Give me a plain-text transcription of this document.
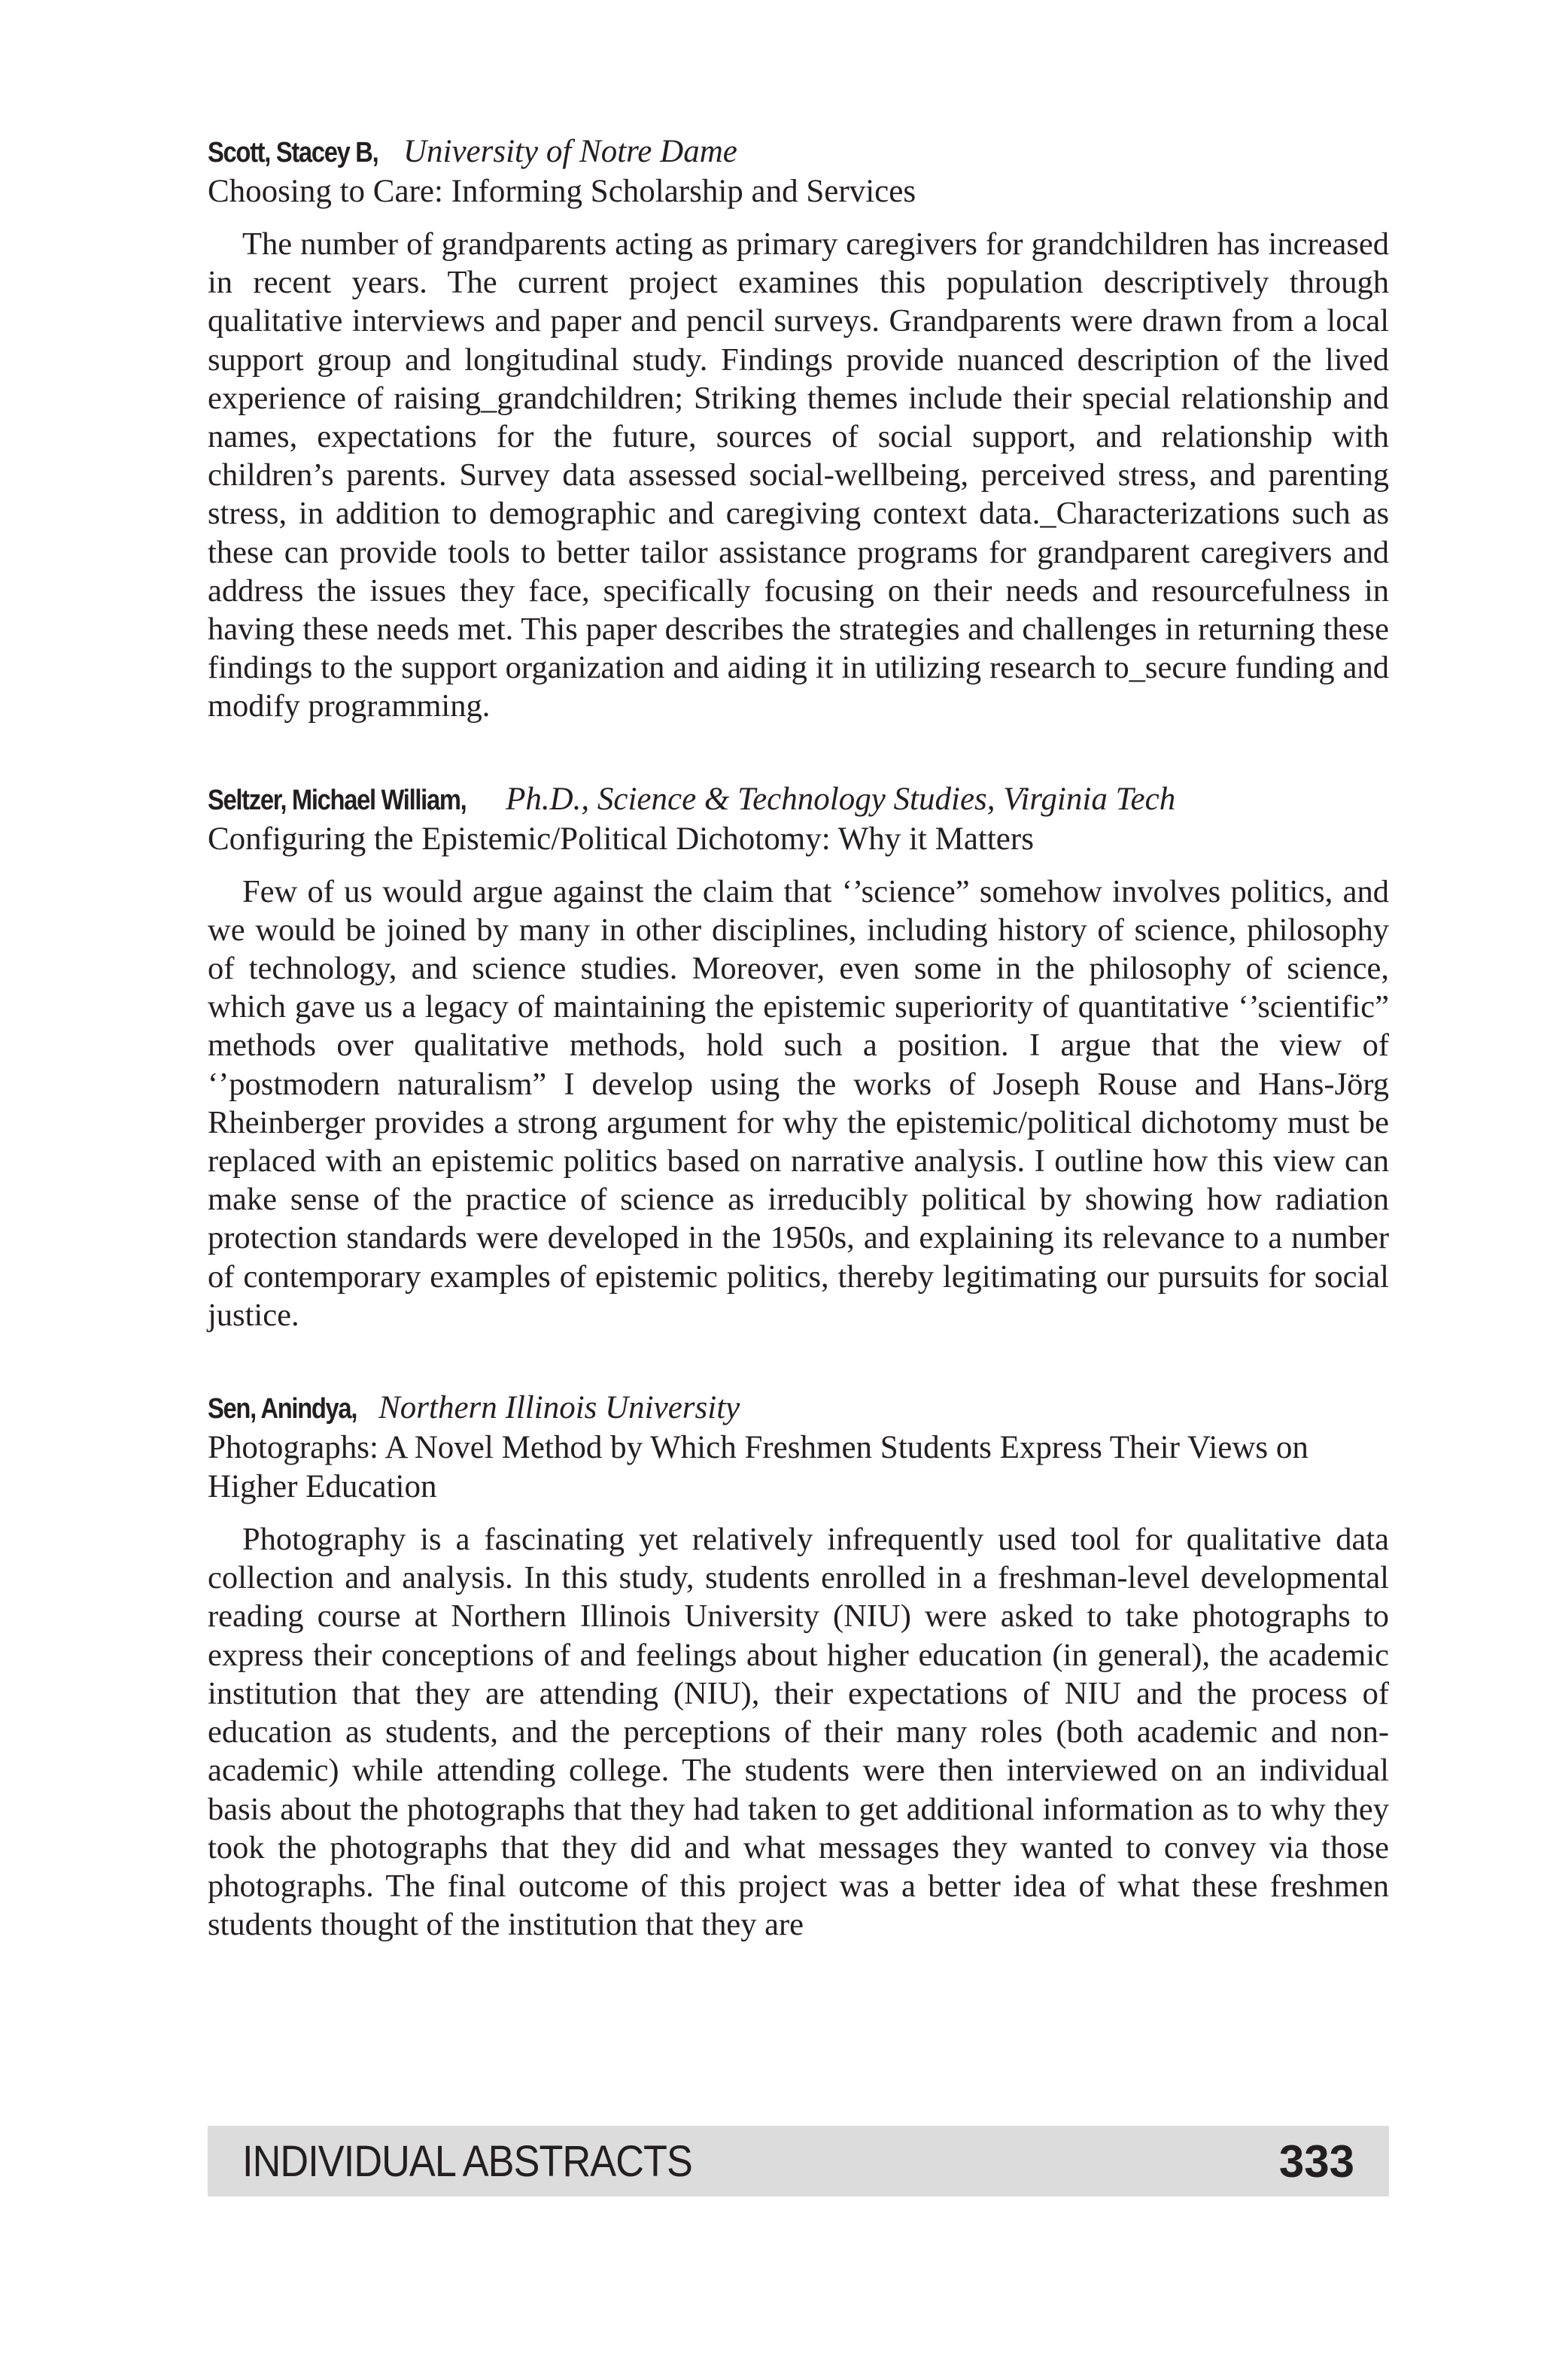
Scott, Stacey B, University of Notre Dame

Choosing to Care: Informing Scholarship and Services

The number of grandparents acting as primary caregivers for grandchildren has increased in recent years. The current project examines this population descriptively through qualitative interviews and paper and pencil surveys. Grandparents were drawn from a local support group and longitudinal study. Findings provide nuanced description of the lived experience of raising_grandchildren; Striking themes include their special relationship and names, expectations for the future, sources of social support, and relationship with children’s parents. Survey data assessed social-wellbeing, perceived stress, and parenting stress, in addition to demographic and caregiving context data._Characterizations such as these can provide tools to better tailor assistance programs for grandparent caregivers and address the issues they face, specifically focusing on their needs and resourcefulness in having these needs met. This paper describes the strategies and challenges in returning these findings to the support organization and aiding it in utilizing research to_secure funding and modify programming.

Seltzer, Michael William, Ph.D., Science & Technology Studies, Virginia Tech

Configuring the Epistemic/Political Dichotomy: Why it Matters

Few of us would argue against the claim that ‘’science” somehow involves politics, and we would be joined by many in other disciplines, including history of science, philosophy of technology, and science studies. Moreover, even some in the philosophy of science, which gave us a legacy of maintaining the epistemic superiority of quantitative ‘’scientific” methods over qualitative methods, hold such a position. I argue that the view of ‘’postmodern naturalism” I develop using the works of Joseph Rouse and Hans-Jörg Rheinberger provides a strong argument for why the epistemic/political dichotomy must be replaced with an epistemic politics based on narrative analysis. I outline how this view can make sense of the practice of science as irreducibly political by showing how radiation protection standards were developed in the 1950s, and explaining its relevance to a number of contemporary examples of epistemic politics, thereby legitimating our pursuits for social justice.

Sen, Anindya, Northern Illinois University

Photographs: A Novel Method by Which Freshmen Students Express Their Views on Higher Education

Photography is a fascinating yet relatively infrequently used tool for qualitative data collection and analysis. In this study, students enrolled in a freshman-level developmental reading course at Northern Illinois University (NIU) were asked to take photographs to express their conceptions of and feelings about higher education (in general), the academic institution that they are attending (NIU), their expectations of NIU and the process of education as students, and the perceptions of their many roles (both academic and non-academic) while attending college. The students were then interviewed on an individual basis about the photographs that they had taken to get additional information as to why they took the photographs that they did and what messages they wanted to convey via those photographs. The final outcome of this project was a better idea of what these freshmen students thought of the institution that they are

INDIVIDUAL ABSTRACTS	333
